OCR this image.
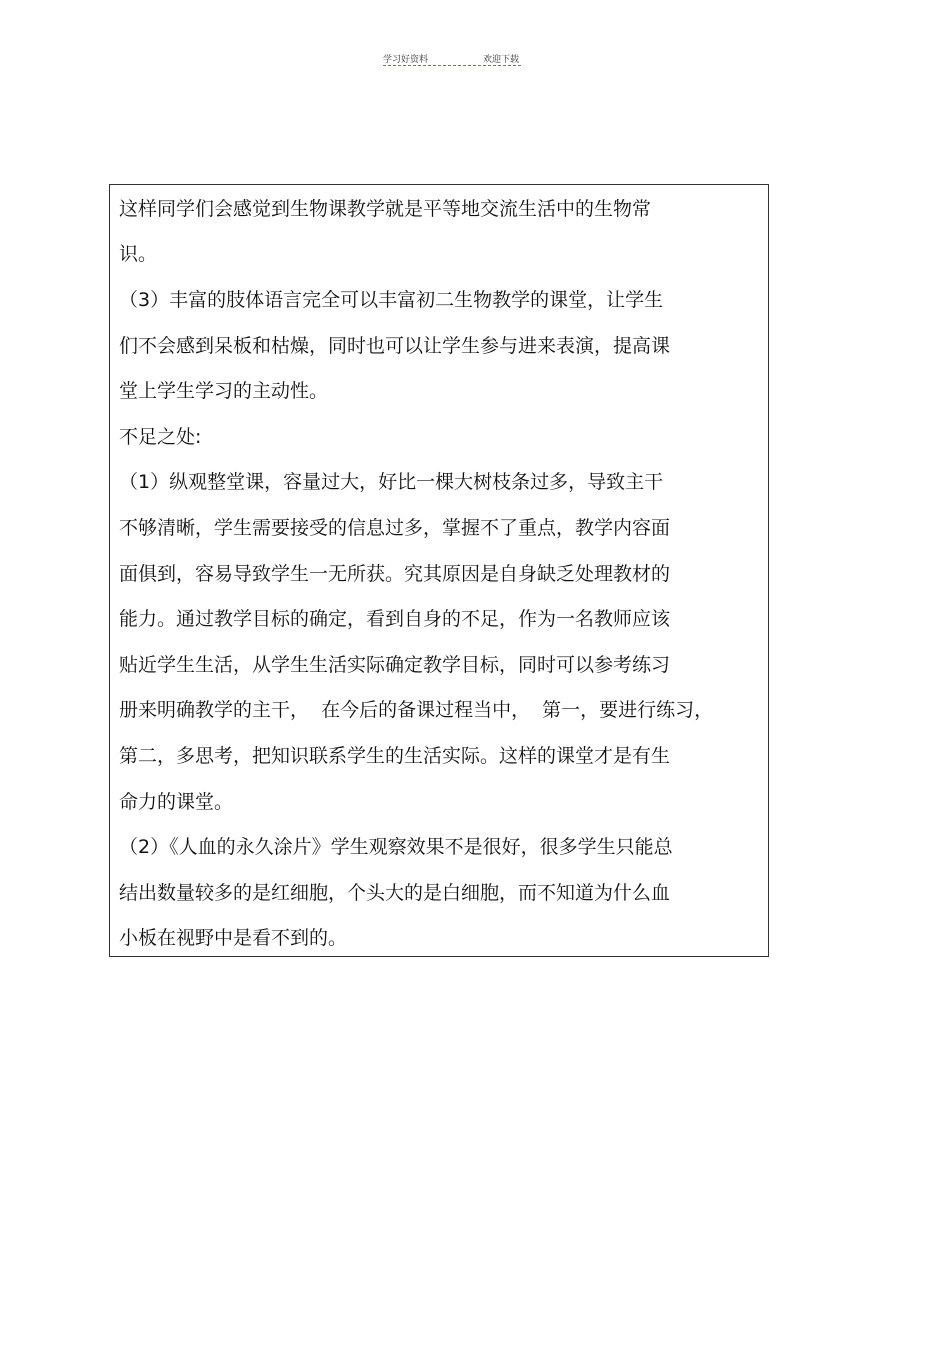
学习好资料	欢迎下载
这样同学们会感觉到生物课教学就是平等地交流生活中的生物常
识。
（3）丰富的肢体语言完全可以丰富初二生物教学的课堂，让学生
们不会感到呆板和枯燥，同时也可以让学生参与进来表演，提高课
堂上学生学习的主动性。
不足之处:
（1）纵观整堂课，容量过大，好比一棵大树枝条过多，导致主干
不够清晰，学生需要接受的信息过多，掌握不了重点，教学内容面
面俱到，容易导致学生一无所获。究其原因是自身缺乏处理教材的
能力。通过教学目标的确定，看到自身的不足，作为一名教师应该
贴近学生生活，从学生生活实际确定教学目标，同时可以参考练习
册来明确教学的主干，  在今后的备课过程当中，  第一，要进行练习，
第二，多思考，把知识联系学生的生活实际。这样的课堂才是有生
命力的课堂。
（2）《人血的永久涂片》学生观察效果不是很好，很多学生只能总
结出数量较多的是红细胞，个头大的是白细胞，而不知道为什么血
小板在视野中是看不到的。
